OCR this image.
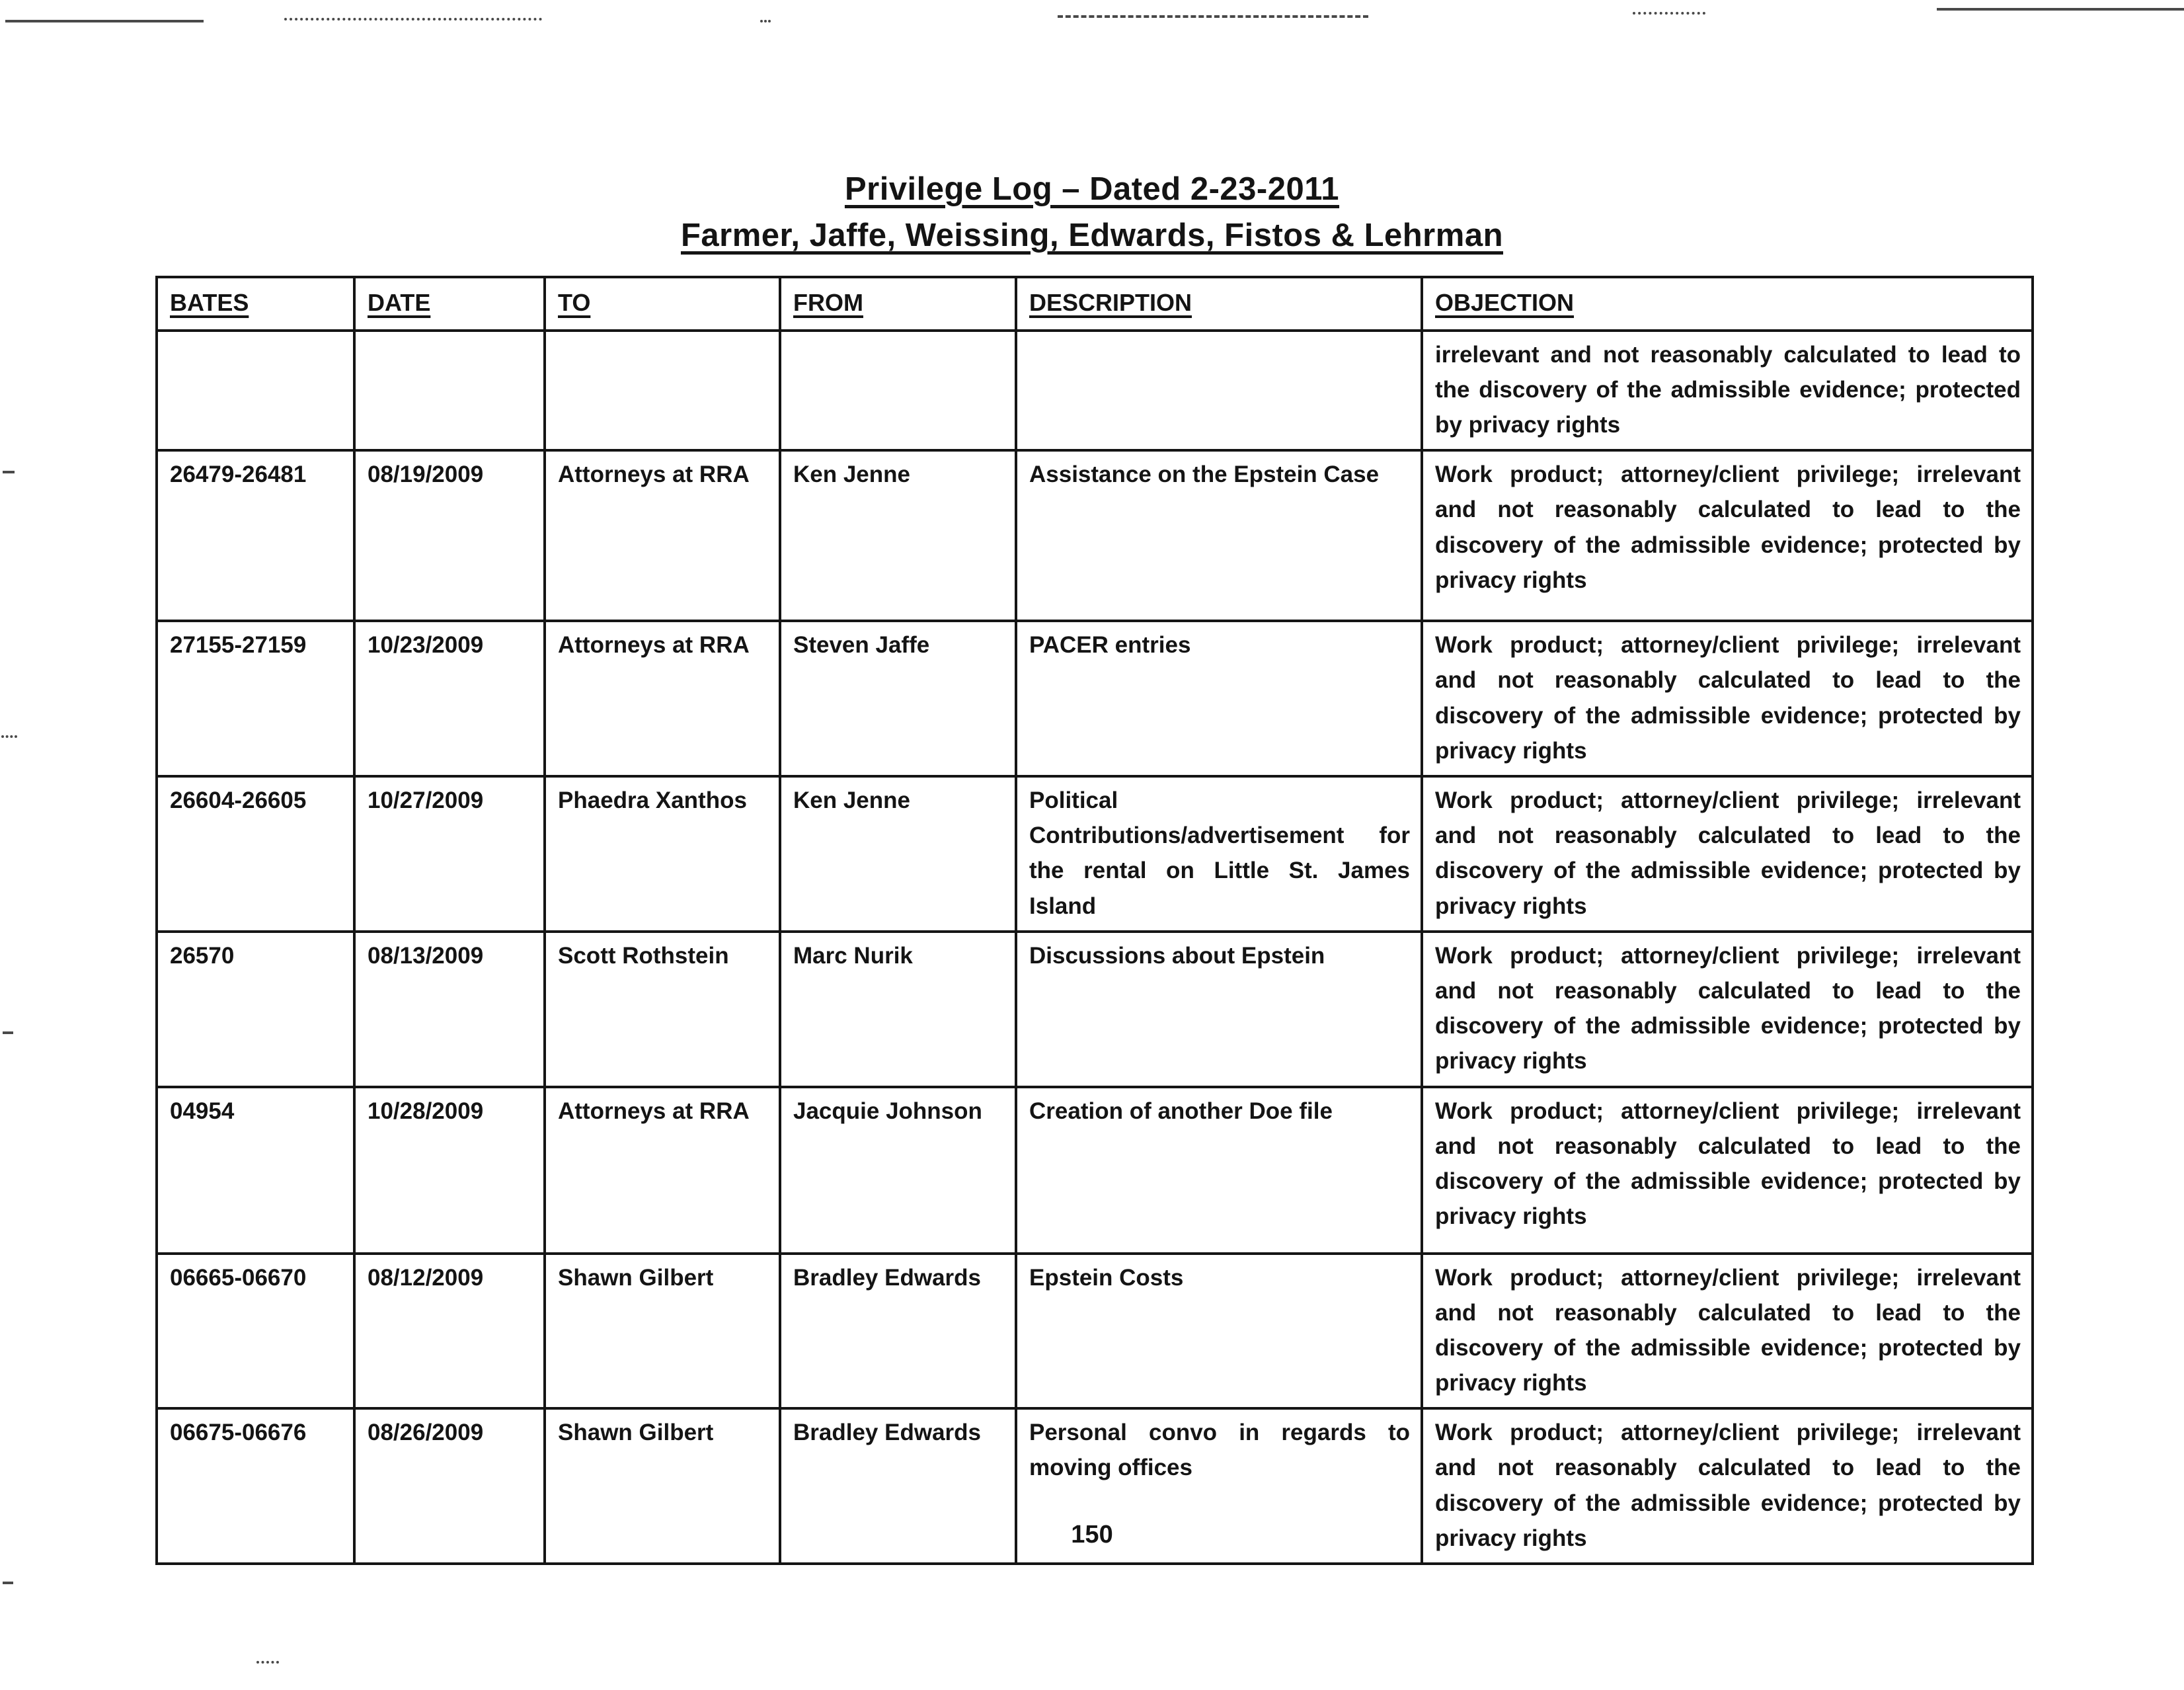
Privilege Log – Dated 2-23-2011
Farmer, Jaffe, Weissing, Edwards, Fistos & Lehrman
BATES	DATE	TO	FROM	DESCRIPTION	OBJECTION
					irrelevant and not reasonably calculated to lead to the discovery of the admissible evidence; protected by privacy rights
26479-26481	08/19/2009	Attorneys at RRA	Ken Jenne	Assistance on the Epstein Case	Work product; attorney/client privilege; irrelevant and not reasonably calculated to lead to the discovery of the admissible evidence; protected by privacy rights
27155-27159	10/23/2009	Attorneys at RRA	Steven Jaffe	PACER entries	Work product; attorney/client privilege; irrelevant and not reasonably calculated to lead to the discovery of the admissible evidence; protected by privacy rights
26604-26605	10/27/2009	Phaedra Xanthos	Ken Jenne	Political Contributions/advertisement for the rental on Little St. James Island	Work product; attorney/client privilege; irrelevant and not reasonably calculated to lead to the discovery of the admissible evidence; protected by privacy rights
26570	08/13/2009	Scott Rothstein	Marc Nurik	Discussions about Epstein	Work product; attorney/client privilege; irrelevant and not reasonably calculated to lead to the discovery of the admissible evidence; protected by privacy rights
04954	10/28/2009	Attorneys at RRA	Jacquie Johnson	Creation of another Doe file	Work product; attorney/client privilege; irrelevant and not reasonably calculated to lead to the discovery of the admissible evidence; protected by privacy rights
06665-06670	08/12/2009	Shawn Gilbert	Bradley Edwards	Epstein Costs	Work product; attorney/client privilege; irrelevant and not reasonably calculated to lead to the discovery of the admissible evidence; protected by privacy rights
06675-06676	08/26/2009	Shawn Gilbert	Bradley Edwards	Personal convo in regards to moving offices	Work product; attorney/client privilege; irrelevant and not reasonably calculated to lead to the discovery of the admissible evidence; protected by privacy rights
150
